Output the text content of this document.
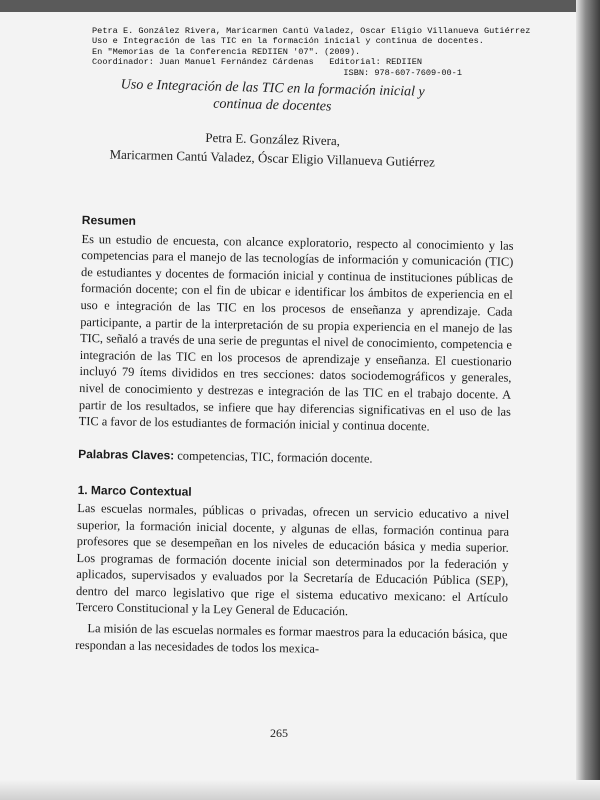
Petra E. González Rivera, Maricarmen Cantú Valadez, Oscar Eligio Villanueva Gutiérrez
Uso e Integración de las TIC en la formación inicial y continua de docentes.
En "Memorias de la Conferencia REDIIEN '07". (2009).
Coordinador: Juan Manuel Fernández Cárdenas   Editorial: REDIIEN

ISBN: 978-607-7609-00-1
Uso e Integración de las TIC en la formación inicial y continua de docentes
Petra E. González Rivera,
Maricarmen Cantú Valadez, Óscar Eligio Villanueva Gutiérrez
Resumen

Es un estudio de encuesta, con alcance exploratorio, respecto al conocimiento y las competencias para el manejo de las tecnologías de información y comunicación (TIC) de estudiantes y docentes de formación inicial y continua de instituciones públicas de formación docente; con el fin de ubicar e identificar los ámbitos de experiencia en el uso e integración de las TIC en los procesos de enseñanza y aprendizaje. Cada participante, a partir de la interpretación de su propia experiencia en el manejo de las TIC, señaló a través de una serie de preguntas el nivel de conocimiento, competencia e integración de las TIC en los procesos de aprendizaje y enseñanza. El cuestionario incluyó 79 ítems divididos en tres secciones: datos sociodemográficos y generales, nivel de conocimiento y destrezas e integración de las TIC en el trabajo docente. A partir de los resultados, se infiere que hay diferencias significativas en el uso de las TIC a favor de los estudiantes de formación inicial y continua docente.

Palabras Claves: competencias, TIC, formación docente.

1. Marco Contextual

Las escuelas normales, públicas o privadas, ofrecen un servicio educativo a nivel superior, la formación inicial docente, y algunas de ellas, formación continua para profesores que se desempeñan en los niveles de educación básica y media superior. Los programas de formación docente inicial son determinados por la federación y aplicados, supervisados y evaluados por la Secretaría de Educación Pública (SEP), dentro del marco legislativo que rige el sistema educativo mexicano: el Artículo Tercero Constitucional y la Ley General de Educación.

La misión de las escuelas normales es formar maestros para la educación básica, que respondan a las necesidades de todos los mexica-

265
